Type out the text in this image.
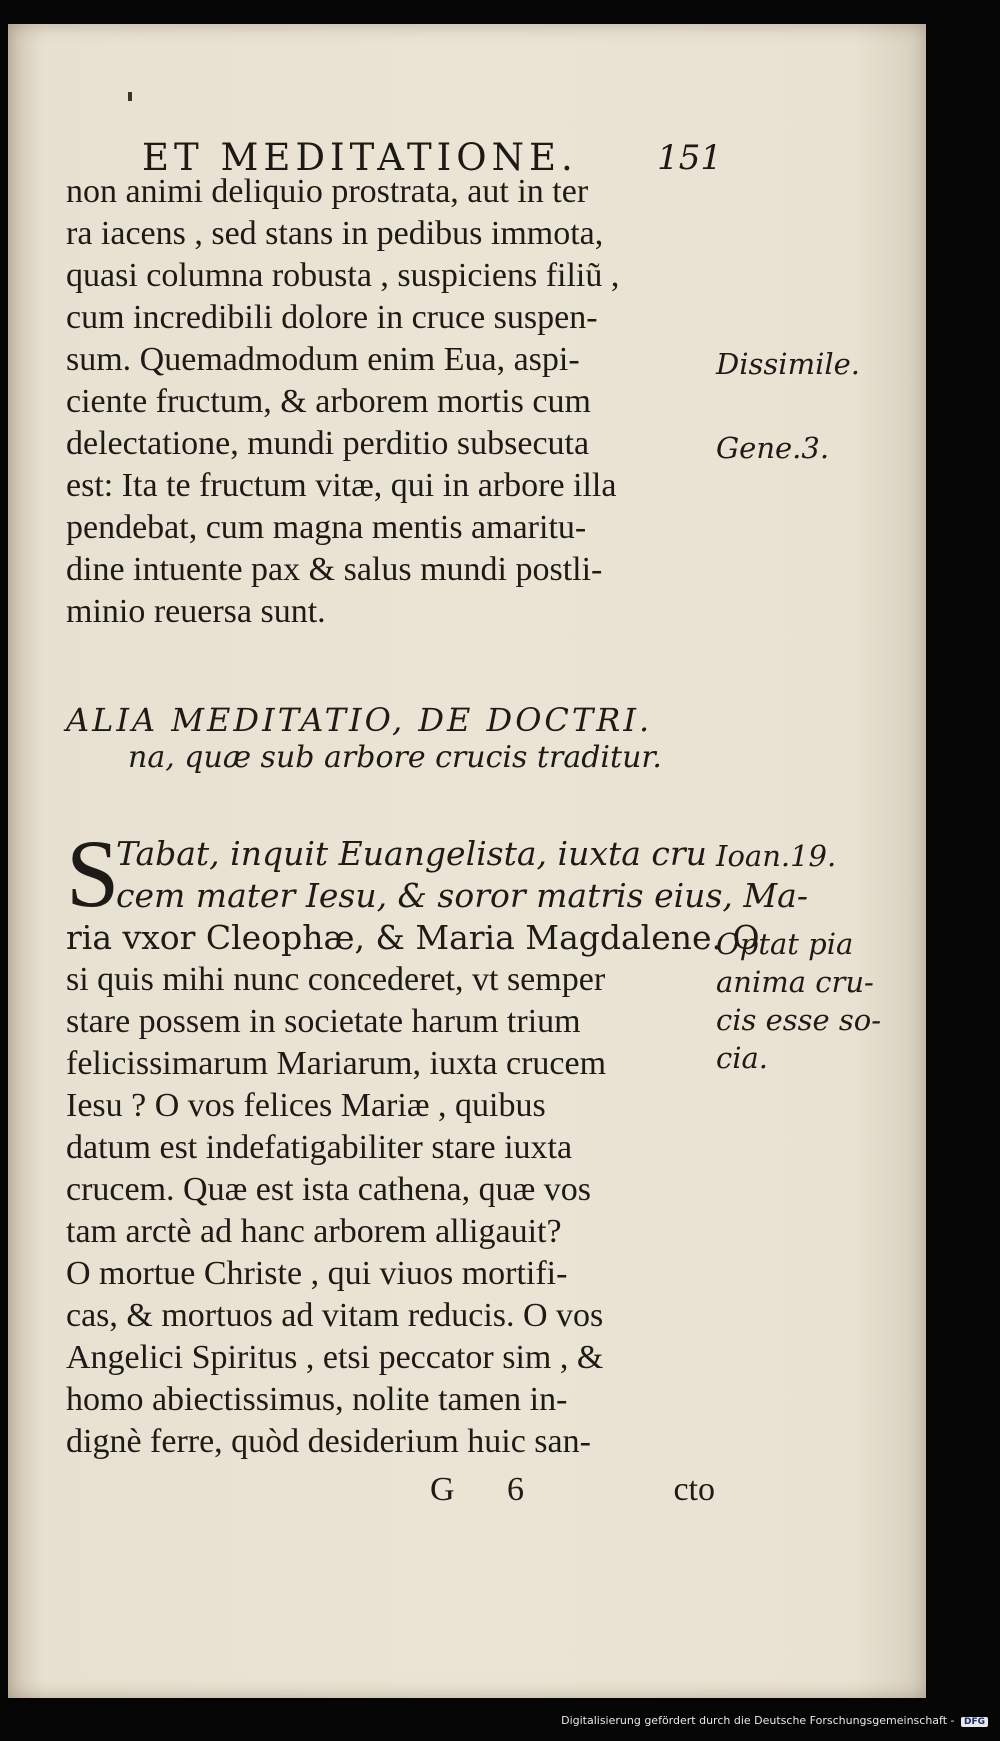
ET MEDITATIONE. 151
non animi deliquio prostrata, aut in ter
ra iacens , sed stans in pedibus immota,
quasi columna robusta , suspiciens filiũ ,
cum incredibili dolore in cruce suspen-
sum. Quemadmodum enim Eua, aspi-
ciente fructum, & arborem mortis cum
delectatione, mundi perditio subsecuta
est: Ita te fructum vitæ, qui in arbore illa
pendebat, cum magna mentis amaritu-
dine intuente pax & salus mundi postli-
minio reuersa sunt.
Dissimile.
Gene.3.
ALIA MEDITATIO, DE DOCTRI.
na, quæ sub arbore crucis traditur.
S
Tabat, inquit Euangelista, iuxta cru
cem mater Iesu, & soror matris eius, Ma-
ria vxor Cleophæ, & Maria Magdalene. O
si quis mihi nunc concederet, vt semper
stare possem in societate harum trium
felicissimarum Mariarum, iuxta crucem
Iesu ? O vos felices Mariæ , quibus
datum est indefatigabiliter stare iuxta
crucem. Quæ est ista cathena, quæ vos
tam arctè ad hanc arborem alligauit?
O mortue Christe , qui viuos mortifi-
cas, & mortuos ad vitam reducis. O vos
Angelici Spiritus , etsi peccator sim , &
homo abiectissimus, nolite tamen in-
dignè ferre, quòd desiderium huic san-
Ioan.19.
Optat pia
anima cru-
cis esse so-
cia.
G 6	cto
Digitalisierung gefördert durch die Deutsche Forschungsgemeinschaft - DFG
